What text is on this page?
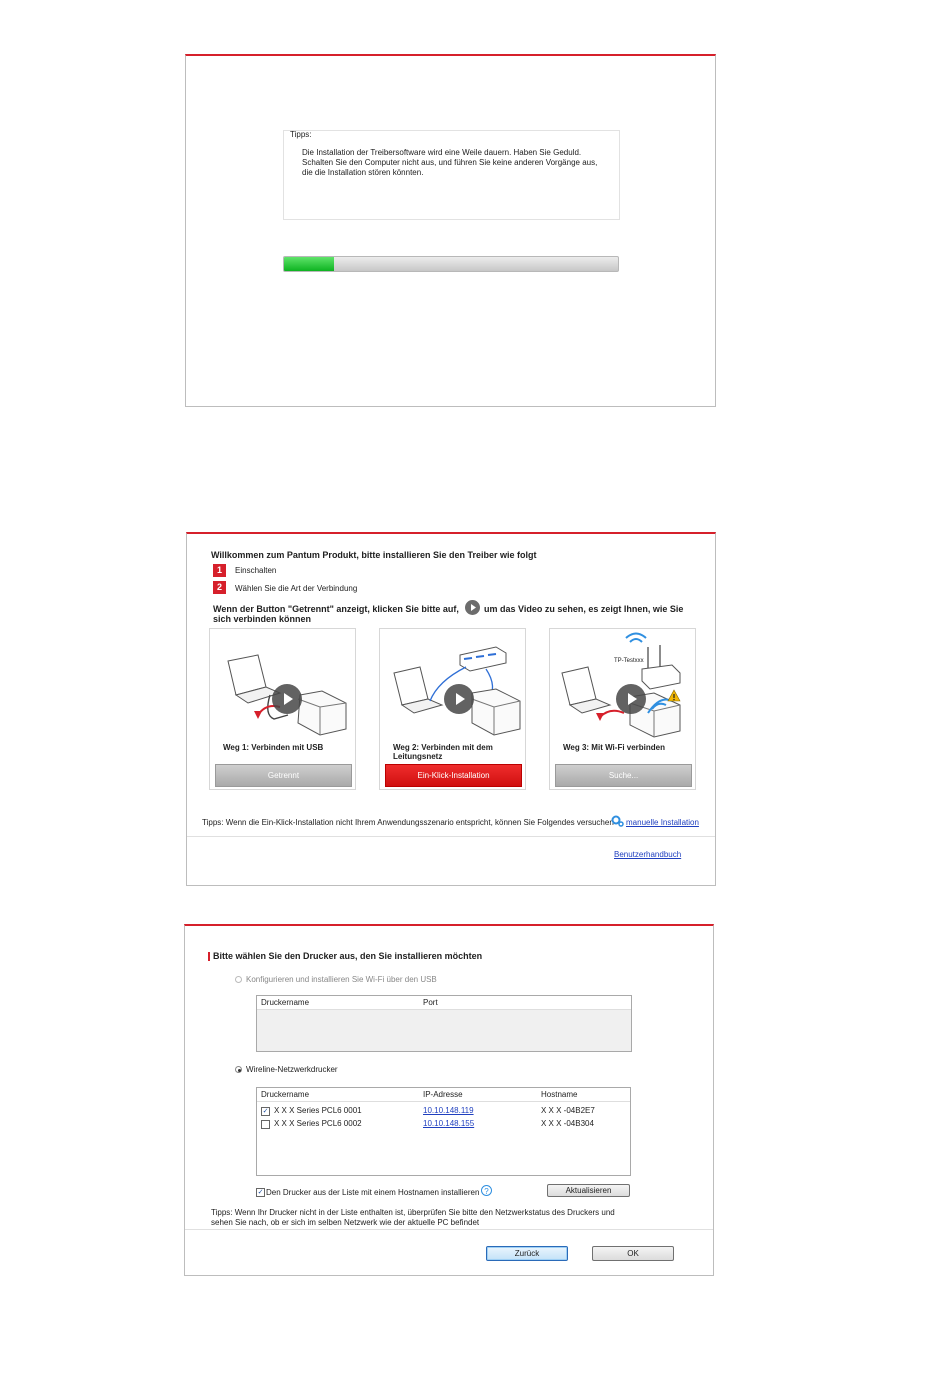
Tipps:
Die Installation der Treibersoftware wird eine Weile dauern. Haben Sie Geduld.
Schalten Sie den Computer nicht aus, und führen Sie keine anderen Vorgänge aus,
die die Installation stören könnten.
Willkommen zum Pantum Produkt, bitte installieren Sie den Treiber wie folgt
1	Einschalten
2	Wählen Sie die Art der Verbindung
Wenn der Button "Getrennt" anzeigt, klicken Sie bitte auf,	um das Video zu sehen, es zeigt Ihnen, wie Sie
sich verbinden können
Weg 1: Verbinden mit USB
Getrennt
Weg 2: Verbinden mit dem Leitungsnetz
Ein-Klick-Installation
TP-Testxxx
Weg 3: Mit Wi-Fi verbinden
Suche...
Tipps: Wenn die Ein-Klick-Installation nicht Ihrem Anwendungsszenario entspricht, können Sie Folgendes versuchen manuelle Installation
Benutzerhandbuch
Bitte wählen Sie den Drucker aus, den Sie installieren möchten
Konfigurieren und installieren Sie Wi-Fi über den USB
Druckername	Port
Wireline-Netzwerkdrucker
Druckername	IP-Adresse	Hostname
✓ X X X Series PCL6 0001	10.10.148.119	X X X -04B2E7
X X X Series PCL6 0002	10.10.148.155	X X X -04B304
✓ Den Drucker aus der Liste mit einem Hostnamen installieren ?	Aktualisieren
Tipps: Wenn Ihr Drucker nicht in der Liste enthalten ist, überprüfen Sie bitte den Netzwerkstatus des Druckers und
sehen Sie nach, ob er sich im selben Netzwerk wie der aktuelle PC befindet
Zurück	OK
